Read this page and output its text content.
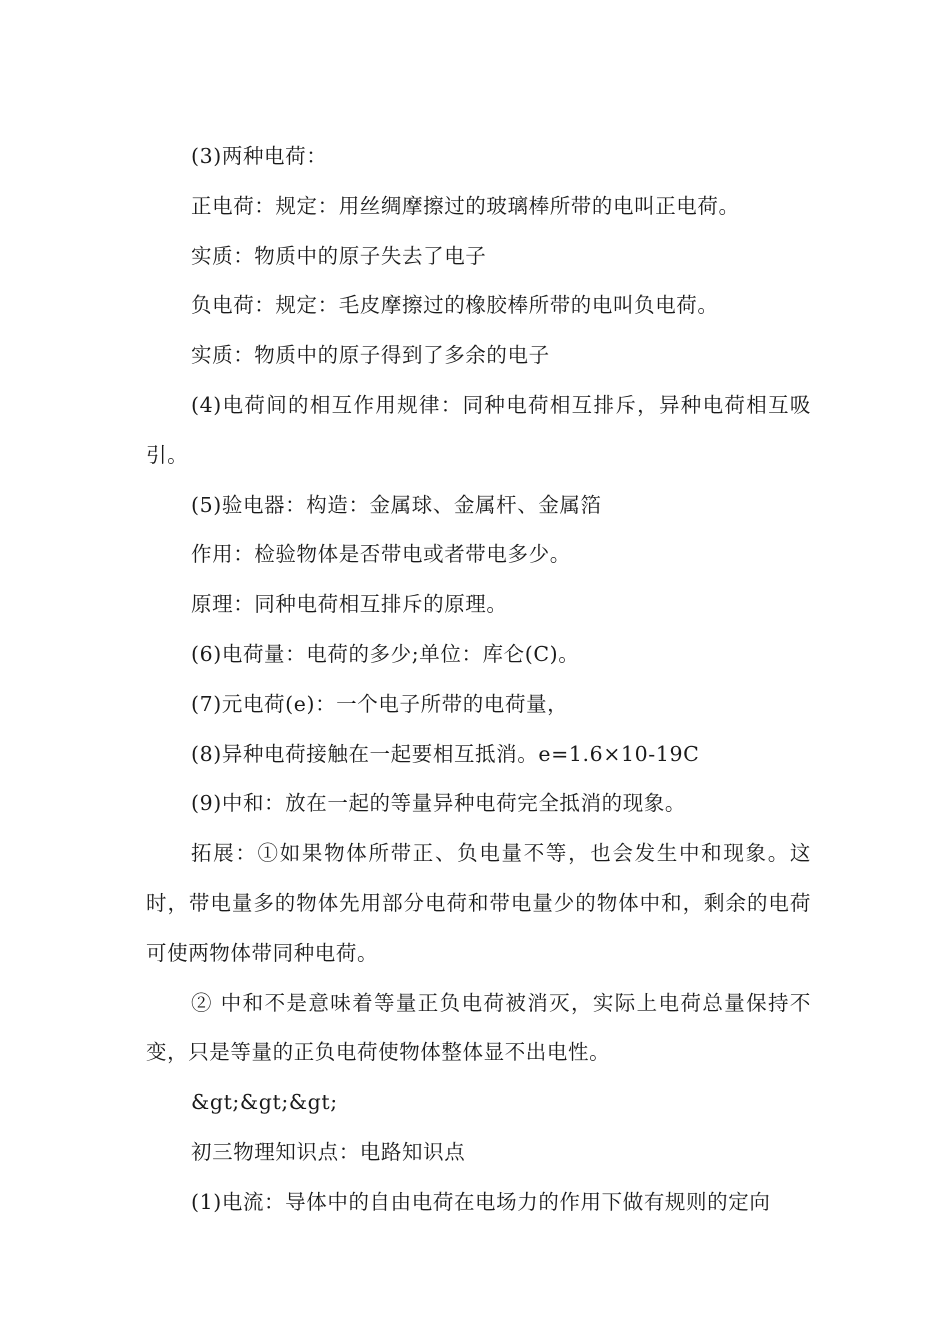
(3)两种电荷：

正电荷：规定：用丝绸摩擦过的玻璃棒所带的电叫正电荷。

实质：物质中的原子失去了电子

负电荷：规定：毛皮摩擦过的橡胶棒所带的电叫负电荷。

实质：物质中的原子得到了多余的电子

(4)电荷间的相互作用规律：同种电荷相互排斥，异种电荷相互吸引。

(5)验电器：构造：金属球、金属杆、金属箔

作用：检验物体是否带电或者带电多少。

原理：同种电荷相互排斥的原理。

(6)电荷量：电荷的多少;单位：库仑(C)。

(7)元电荷(e)：一个电子所带的电荷量，

(8)异种电荷接触在一起要相互抵消。e=1.6×10-19C

(9)中和：放在一起的等量异种电荷完全抵消的现象。

拓展：①如果物体所带正、负电量不等，也会发生中和现象。这时，带电量多的物体先用部分电荷和带电量少的物体中和，剩余的电荷可使两物体带同种电荷。

② 中和不是意味着等量正负电荷被消灭，实际上电荷总量保持不变，只是等量的正负电荷使物体整体显不出电性。

&gt;&gt;&gt;

初三物理知识点：电路知识点

(1)电流：导体中的自由电荷在电场力的作用下做有规则的定向
